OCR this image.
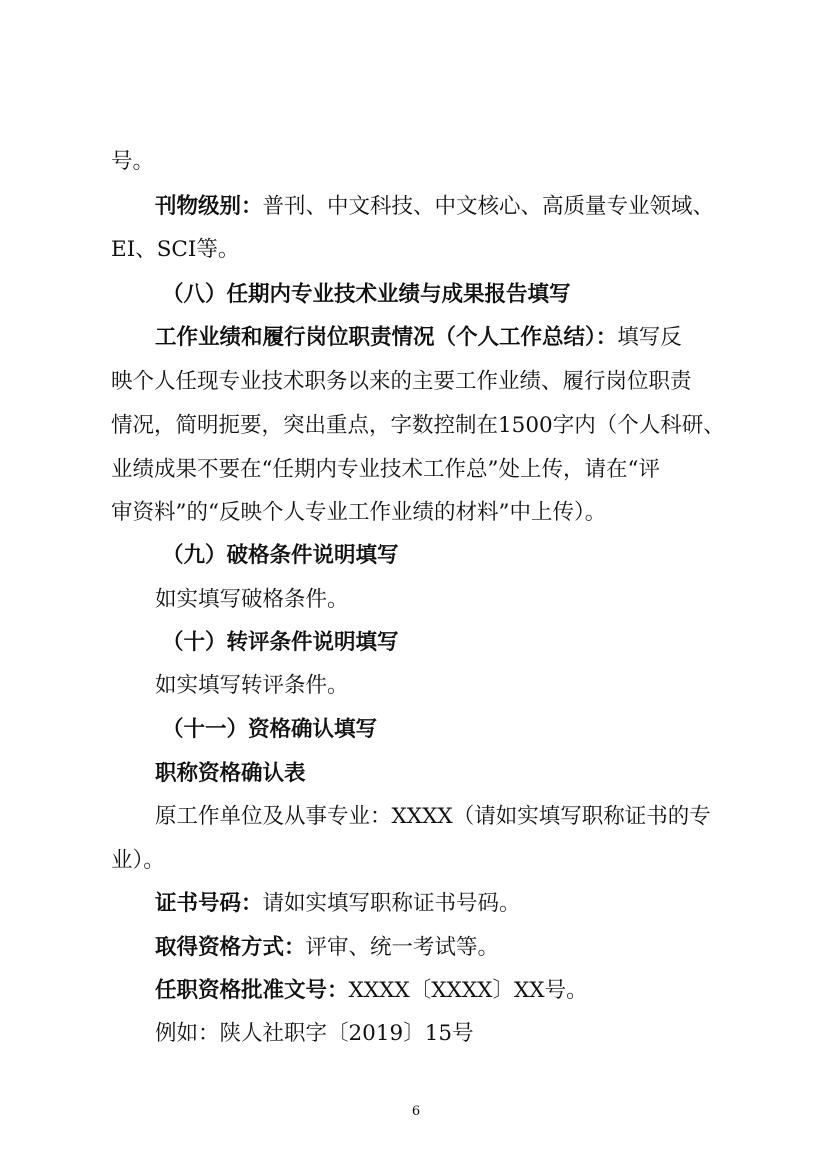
号。
刊物级别：普刊、中文科技、中文核心、高质量专业领域、
EI、SCI等。
（八）任期内专业技术业绩与成果报告填写
工作业绩和履行岗位职责情况（个人工作总结）：填写反
映个人任现专业技术职务以来的主要工作业绩、履行岗位职责
情况，简明扼要，突出重点，字数控制在1500字内（个人科研、
业绩成果不要在“任期内专业技术工作总”处上传，请在“评
审资料”的“反映个人专业工作业绩的材料”中上传）。
（九）破格条件说明填写
如实填写破格条件。
（十）转评条件说明填写
如实填写转评条件。
（十一）资格确认填写
职称资格确认表
原工作单位及从事专业：XXXX（请如实填写职称证书的专
业）。
证书号码：请如实填写职称证书号码。
取得资格方式：评审、统一考试等。
任职资格批准文号：XXXX〔XXXX〕XX号。
例如：陕人社职字〔2019〕15号
6
